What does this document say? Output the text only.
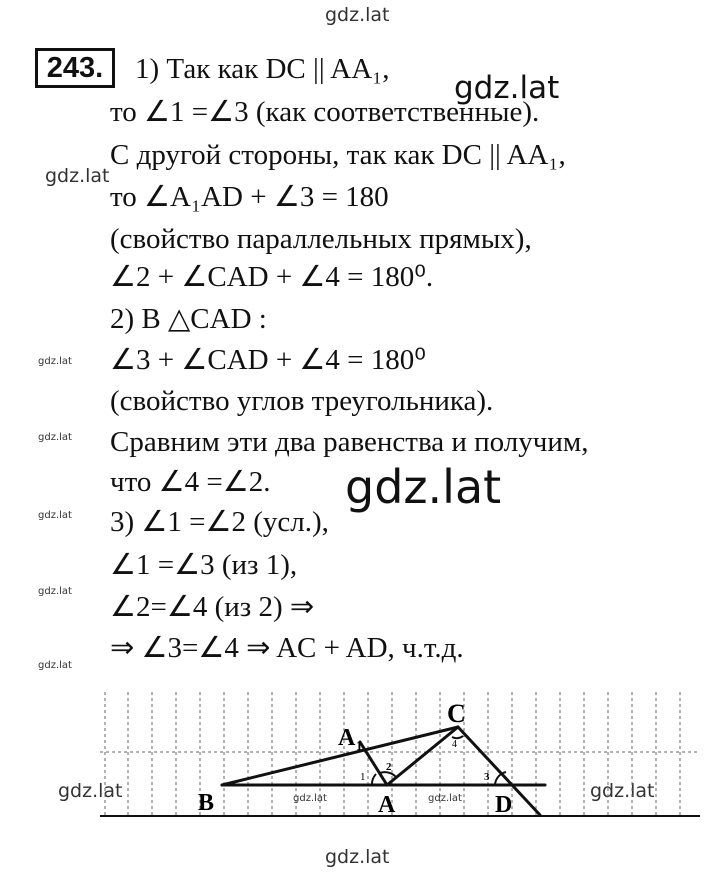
gdz.lat
gdz.lat
gdz.lat
gdz.lat
gdz.lat
gdz.lat
gdz.lat
gdz.lat
gdz.lat
gdz.lat	gdz.lat
gdz.lat
243.	1) Так как DC || AA₁,
то ∠1 =∠3 (как соответственные).
С другой стороны, так как DC || AA₁,
то ∠A₁AD + ∠3 = 180
(свойство параллельных прямых),
∠2 + ∠CAD + ∠4 = 180⁰.
2) В △CAD :
∠3 + ∠CAD + ∠4 = 180⁰
(свойство углов треугольника).
Сравним эти два равенства и получим,
что ∠4 =∠2.
3) ∠1 =∠2 (усл.),
∠1 =∠3 (из 1),
∠2=∠4 (из 2) ⇒
⇒ ∠3=∠4 ⇒ AC + AD, ч.т.д.
B	A
A 1
C
D
1
2
3
4
gdz.lat	gdz.lat
